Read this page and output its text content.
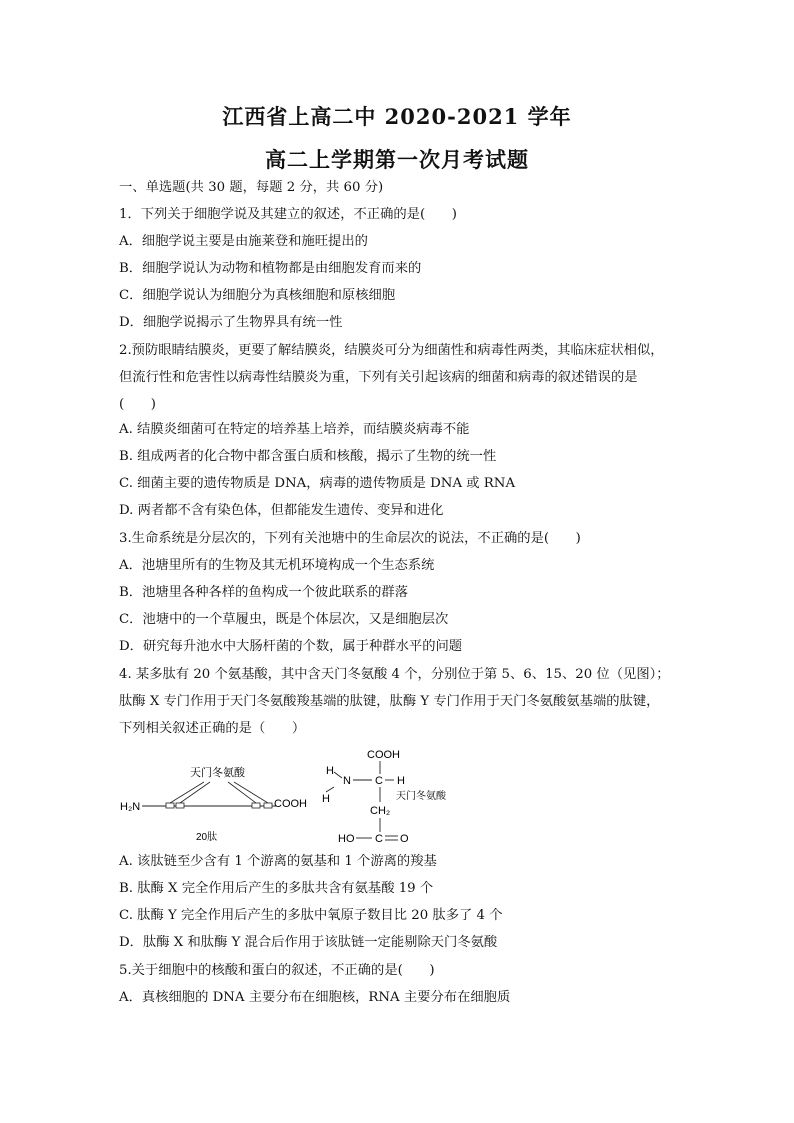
江西省上高二中 2020-2021 学年
高二上学期第一次月考试题
一、单选题(共 30 题，每题 2 分，共 60 分)
1．下列关于细胞学说及其建立的叙述，不正确的是(　　)
A．细胞学说主要是由施莱登和施旺提出的
B．细胞学说认为动物和植物都是由细胞发育而来的
C．细胞学说认为细胞分为真核细胞和原核细胞
D．细胞学说揭示了生物界具有统一性
2.预防眼睛结膜炎，更要了解结膜炎，结膜炎可分为细菌性和病毒性两类，其临床症状相似，
但流行性和危害性以病毒性结膜炎为重，下列有关引起该病的细菌和病毒的叙述错误的是
(　　)
A. 结膜炎细菌可在特定的培养基上培养，而结膜炎病毒不能
B. 组成两者的化合物中都含蛋白质和核酸，揭示了生物的统一性
C. 细菌主要的遗传物质是 DNA，病毒的遗传物质是 DNA 或 RNA
D. 两者都不含有染色体，但都能发生遗传、变异和进化
3.生命系统是分层次的，下列有关池塘中的生命层次的说法，不正确的是(　　)
A．池塘里所有的生物及其无机环境构成一个生态系统
B．池塘里各种各样的鱼构成一个彼此联系的群落
C．池塘中的一个草履虫，既是个体层次，又是细胞层次
D．研究每升池水中大肠杆菌的个数，属于种群水平的问题
4. 某多肽有 20 个氨基酸，其中含天门冬氨酸 4 个，分别位于第 5、6、15、20 位（见图）；
肽酶 X 专门作用于天门冬氨酸羧基端的肽键，肽酶 Y 专门作用于天门冬氨酸氨基端的肽键，
下列相关叙述正确的是（　　）
天门冬氨酸
H₂N	COOH
20肽
COOH
H
N C H
H
CH₂
天门冬氨酸
HO C O
A. 该肽链至少含有 1 个游离的氨基和 1 个游离的羧基
B. 肽酶 X 完全作用后产生的多肽共含有氨基酸 19 个
C. 肽酶 Y 完全作用后产生的多肽中氧原子数目比 20 肽多了 4 个
D．肽酶 X 和肽酶 Y 混合后作用于该肽链一定能剔除天门冬氨酸
5.关于细胞中的核酸和蛋白的叙述，不正确的是(　　)
A．真核细胞的 DNA 主要分布在细胞核，RNA 主要分布在细胞质
